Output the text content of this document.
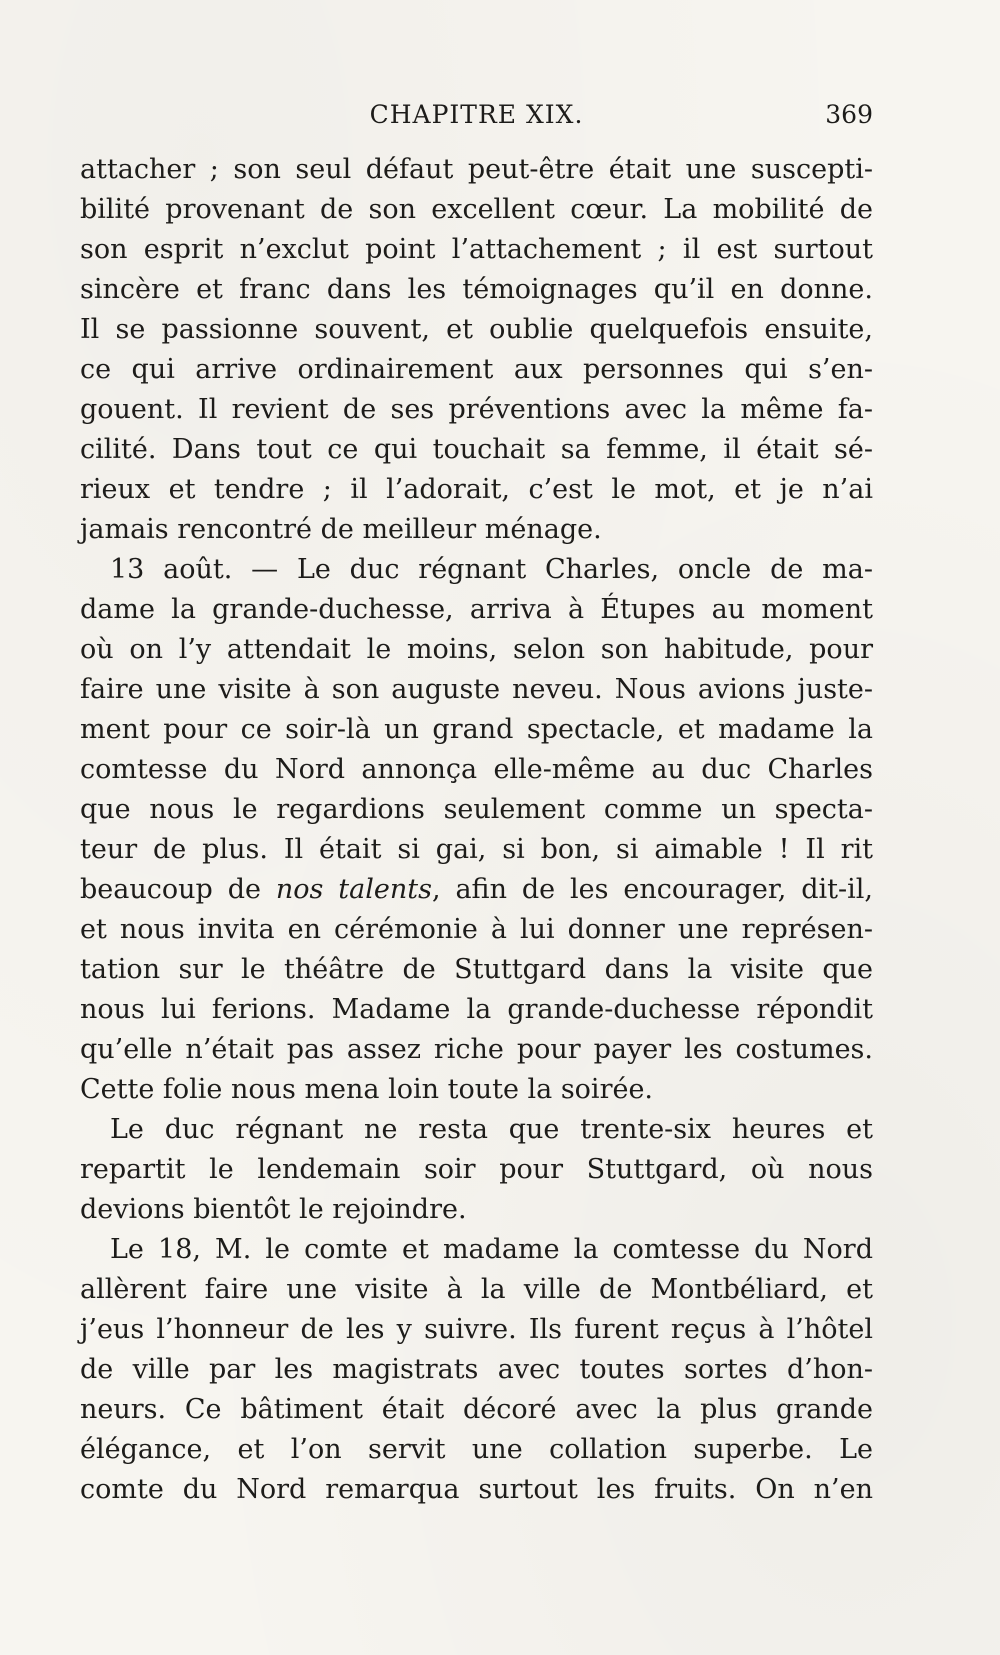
CHAPITRE XIX.	369
attacher ; son seul défaut peut-être était une suscepti-
bilité provenant de son excellent cœur. La mobilité de
son esprit n’exclut point l’attachement ; il est surtout
sincère et franc dans les témoignages qu’il en donne.
Il se passionne souvent, et oublie quelquefois ensuite,
ce qui arrive ordinairement aux personnes qui s’en-
gouent. Il revient de ses préventions avec la même fa-
cilité. Dans tout ce qui touchait sa femme, il était sé-
rieux et tendre ; il l’adorait, c’est le mot, et je n’ai
jamais rencontré de meilleur ménage.
13 août. — Le duc régnant Charles, oncle de ma-
dame la grande-duchesse, arriva à Étupes au moment
où on l’y attendait le moins, selon son habitude, pour
faire une visite à son auguste neveu. Nous avions juste-
ment pour ce soir-là un grand spectacle, et madame la
comtesse du Nord annonça elle-même au duc Charles
que nous le regardions seulement comme un specta-
teur de plus. Il était si gai, si bon, si aimable ! Il rit
beaucoup de nos talents, afin de les encourager, dit-il,
et nous invita en cérémonie à lui donner une représen-
tation sur le théâtre de Stuttgard dans la visite que
nous lui ferions. Madame la grande-duchesse répondit
qu’elle n’était pas assez riche pour payer les costumes.
Cette folie nous mena loin toute la soirée.
Le duc régnant ne resta que trente-six heures et
repartit le lendemain soir pour Stuttgard, où nous
devions bientôt le rejoindre.
Le 18, M. le comte et madame la comtesse du Nord
allèrent faire une visite à la ville de Montbéliard, et
j’eus l’honneur de les y suivre. Ils furent reçus à l’hôtel
de ville par les magistrats avec toutes sortes d’hon-
neurs. Ce bâtiment était décoré avec la plus grande
élégance, et l’on servit une collation superbe. Le
comte du Nord remarqua surtout les fruits. On n’en
